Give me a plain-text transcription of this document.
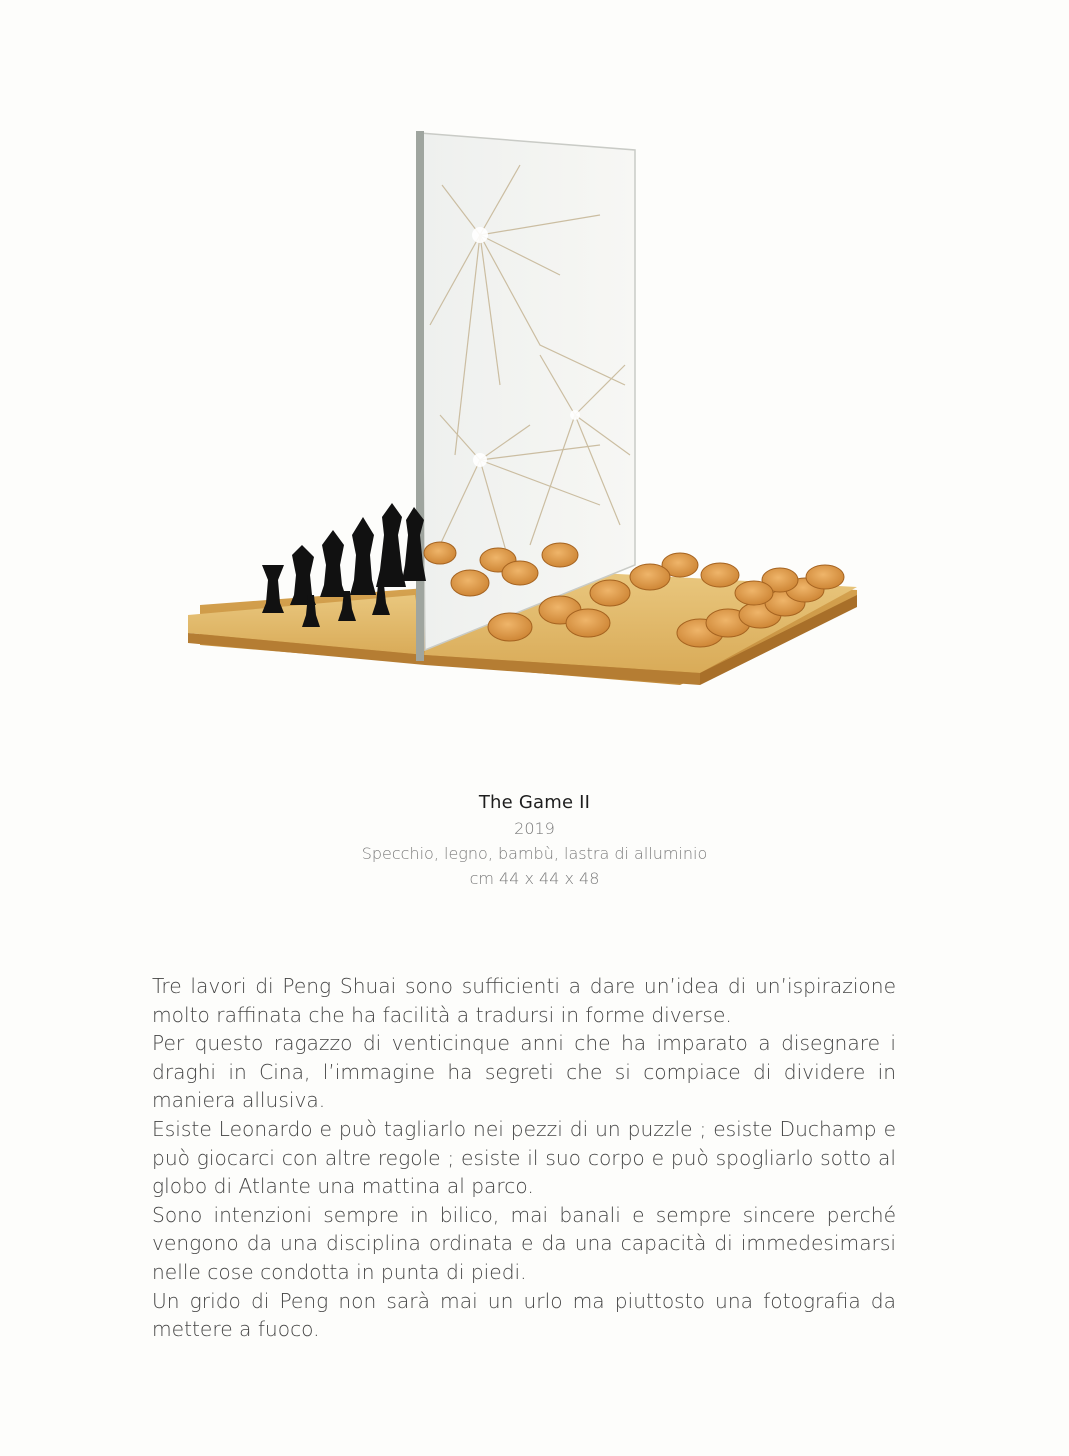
The Game II
2019
Specchio, legno, bambù, lastra di alluminio
cm 44 x 44 x 48

Tre lavori di Peng Shuai sono sufficienti a dare un’idea di un’ispirazione molto raffinata che ha facilità a tradursi in forme diverse.

Per questo ragazzo di venticinque anni che ha imparato a disegnare i draghi in Cina, l’immagine ha segreti che si compiace di dividere in maniera allusiva.

Esiste Leonardo e può tagliarlo nei pezzi di un puzzle ; esiste Duchamp e può giocarci con altre regole ; esiste il suo corpo e può spogliarlo sotto al globo di Atlante una mattina al parco.

Sono intenzioni sempre in bilico, mai banali e sempre sincere perché vengono da una disciplina ordinata e da una capacità di immedesimarsi nelle cose condotta in punta di piedi.

Un grido di Peng non sarà mai un urlo ma piuttosto una fotografia da mettere a fuoco.
